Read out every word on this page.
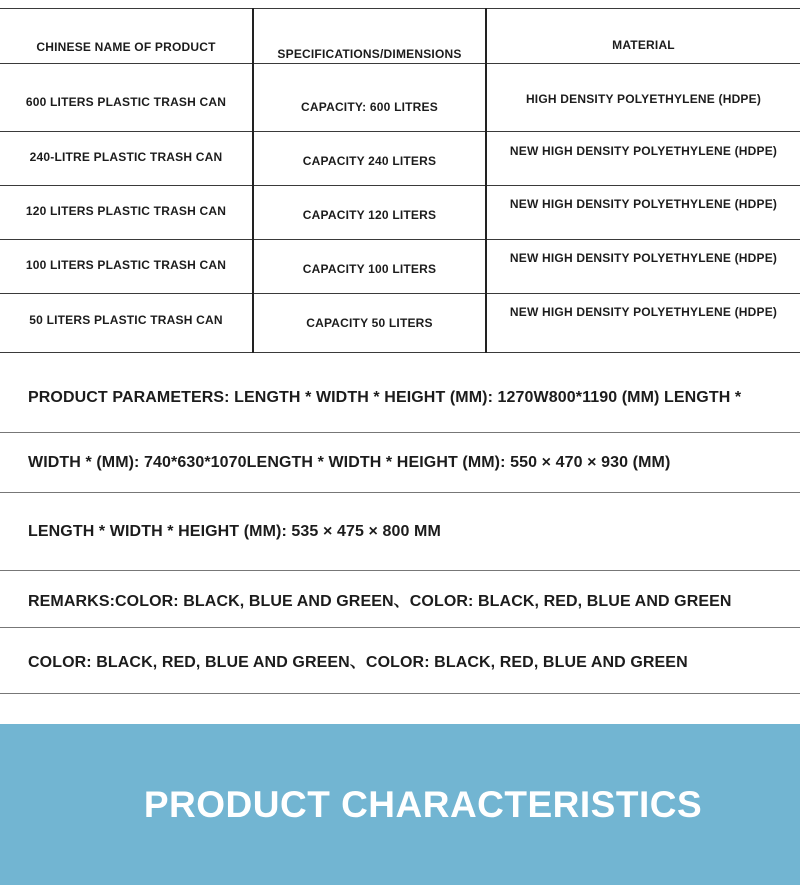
CHINESE NAME OF PRODUCT	SPECIFICATIONS/DIMENSIONS	MATERIAL

600 LITERS PLASTIC TRASH CAN	CAPACITY: 600 LITRES	HIGH DENSITY POLYETHYLENE (HDPE)

240-LITRE PLASTIC TRASH CAN	CAPACITY 240 LITERS	NEW HIGH DENSITY POLYETHYLENE (HDPE)

120 LITERS PLASTIC TRASH CAN	CAPACITY 120 LITERS	NEW HIGH DENSITY POLYETHYLENE (HDPE)

100 LITERS PLASTIC TRASH CAN	CAPACITY 100 LITERS	NEW HIGH DENSITY POLYETHYLENE (HDPE)

50 LITERS PLASTIC TRASH CAN	CAPACITY 50 LITERS	NEW HIGH DENSITY POLYETHYLENE (HDPE)
PRODUCT PARAMETERS: LENGTH * WIDTH * HEIGHT (MM): 1270W800*1190 (MM) LENGTH *
WIDTH * (MM): 740*630*1070LENGTH * WIDTH * HEIGHT (MM): 550 × 470 × 930 (MM)
LENGTH * WIDTH * HEIGHT (MM): 535 × 475 × 800 MM
REMARKS:COLOR: BLACK, BLUE AND GREEN、COLOR: BLACK, RED, BLUE AND GREEN
COLOR: BLACK, RED, BLUE AND GREEN、COLOR: BLACK, RED, BLUE AND GREEN
PRODUCT CHARACTERISTICS
